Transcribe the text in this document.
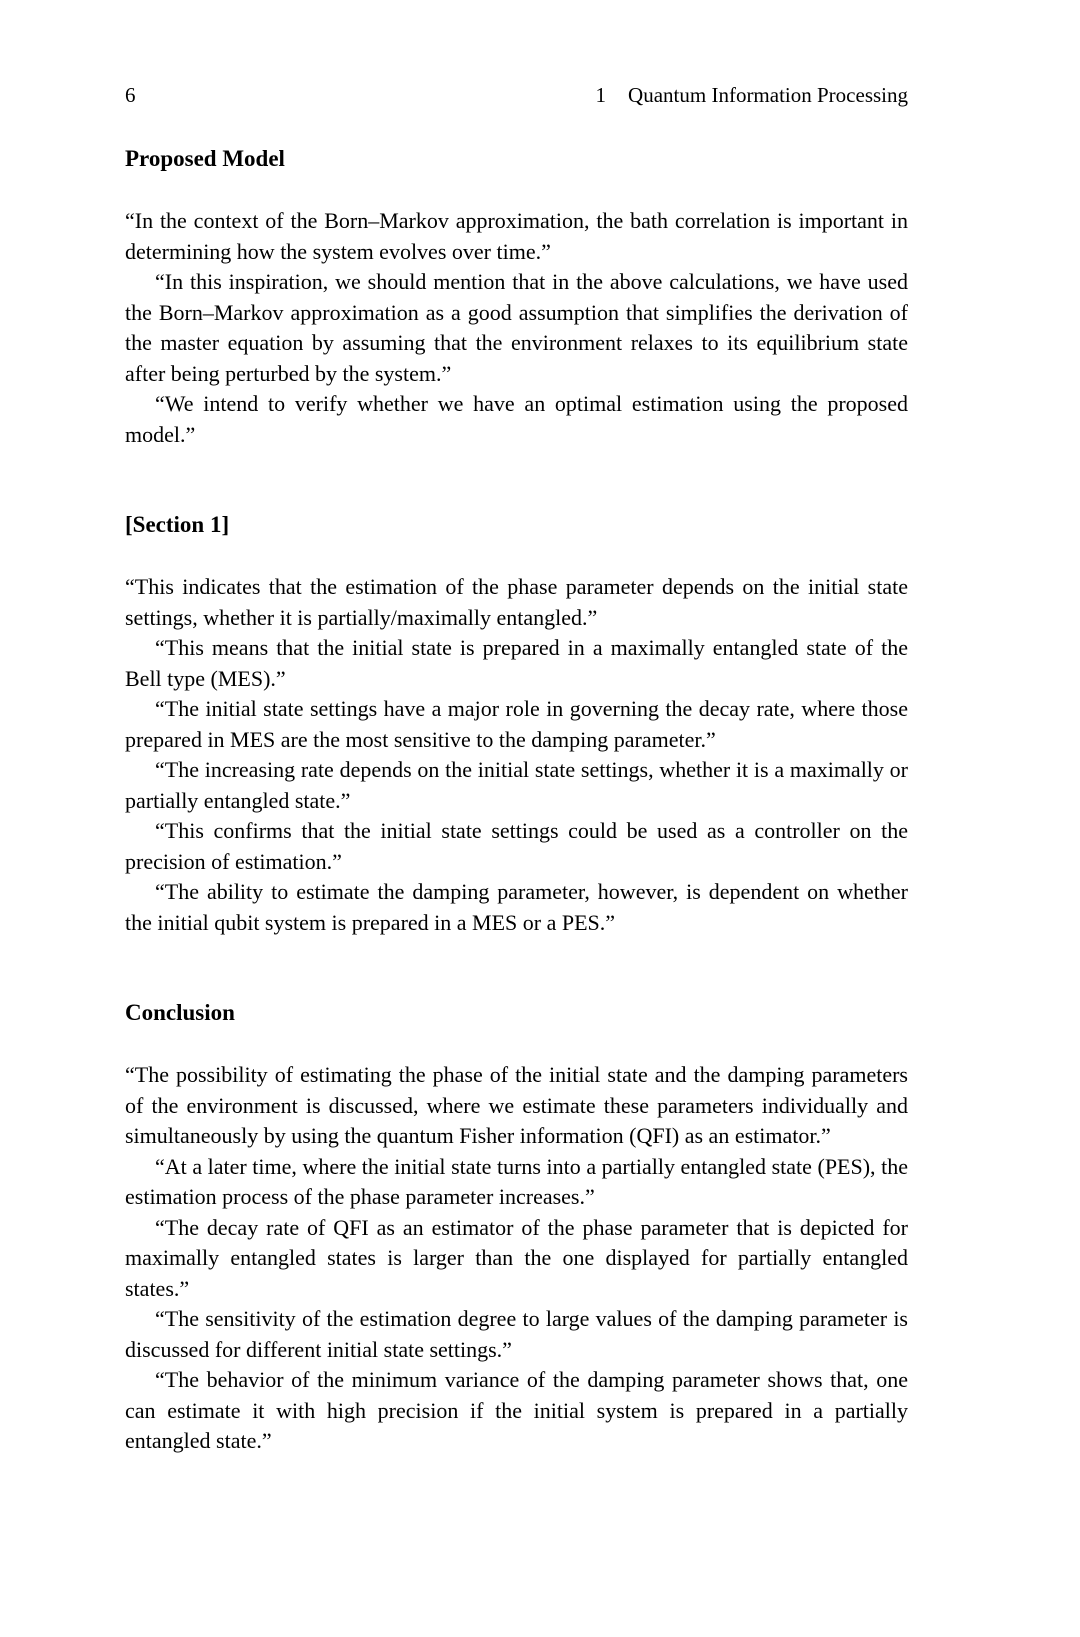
6	1 Quantum Information Processing
Proposed Model

“In the context of the Born–Markov approximation, the bath correlation is important in determining how the system evolves over time.”

“In this inspiration, we should mention that in the above calculations, we have used the Born–Markov approximation as a good assumption that simplifies the derivation of the master equation by assuming that the environment relaxes to its equilibrium state after being perturbed by the system.”

“We intend to verify whether we have an optimal estimation using the proposed model.”

[Section 1]

“This indicates that the estimation of the phase parameter depends on the initial state settings, whether it is partially/maximally entangled.”

“This means that the initial state is prepared in a maximally entangled state of the Bell type (MES).”

“The initial state settings have a major role in governing the decay rate, where those prepared in MES are the most sensitive to the damping parameter.”

“The increasing rate depends on the initial state settings, whether it is a maximally or partially entangled state.”

“This confirms that the initial state settings could be used as a controller on the precision of estimation.”

“The ability to estimate the damping parameter, however, is dependent on whether the initial qubit system is prepared in a MES or a PES.”

Conclusion

“The possibility of estimating the phase of the initial state and the damping parameters of the environment is discussed, where we estimate these parameters individually and simultaneously by using the quantum Fisher information (QFI) as an estimator.”

“At a later time, where the initial state turns into a partially entangled state (PES), the estimation process of the phase parameter increases.”

“The decay rate of QFI as an estimator of the phase parameter that is depicted for maximally entangled states is larger than the one displayed for partially entangled states.”

“The sensitivity of the estimation degree to large values of the damping parameter is discussed for different initial state settings.”

“The behavior of the minimum variance of the damping parameter shows that, one can estimate it with high precision if the initial system is prepared in a partially entangled state.”
